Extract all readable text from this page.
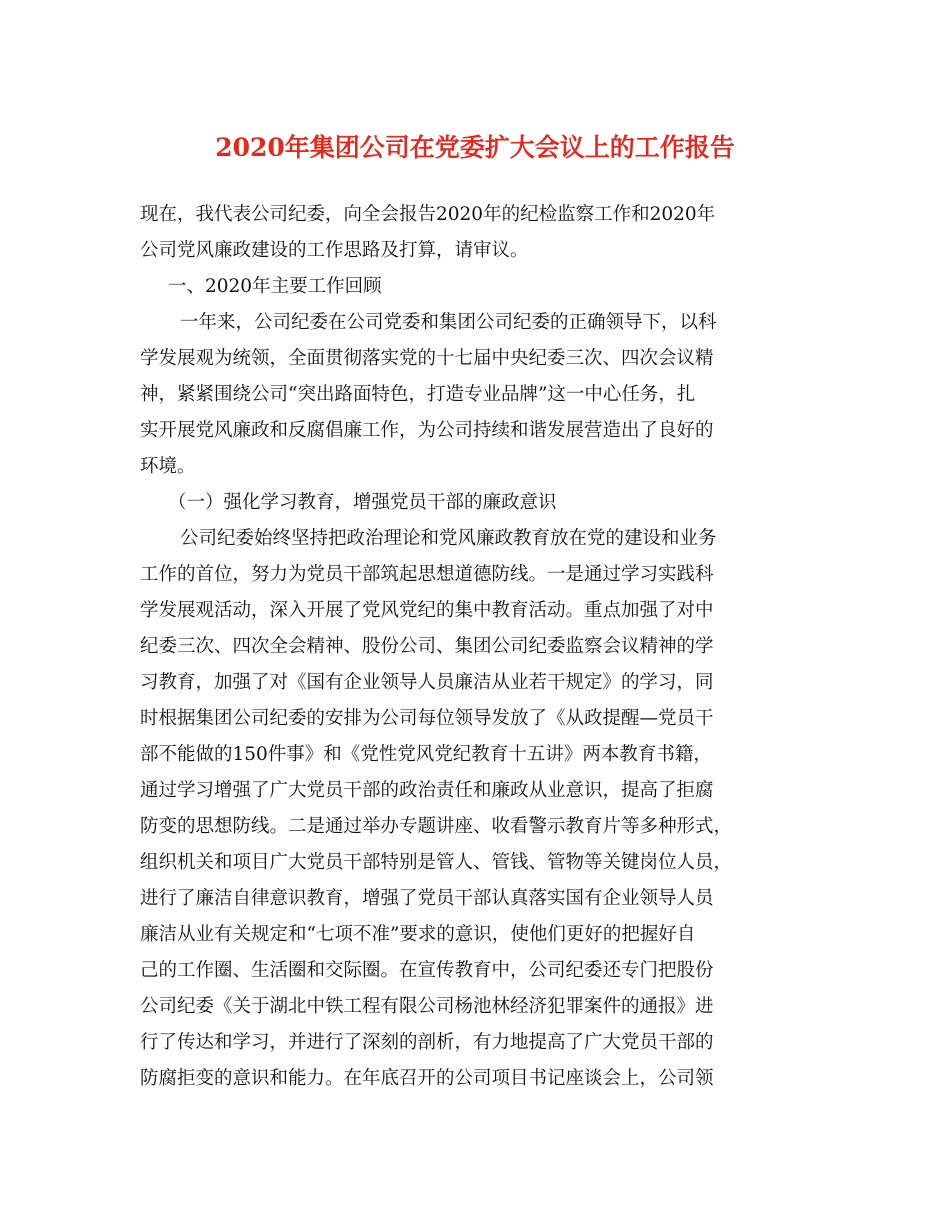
2020年集团公司在党委扩大会议上的工作报告

现在，我代表公司纪委，向全会报告2020年的纪检监察工作和2020年

公司党风廉政建设的工作思路及打算，请审议。

一、2020年主要工作回顾

一年来，公司纪委在公司党委和集团公司纪委的正确领导下，以科

学发展观为统领，全面贯彻落实党的十七届中央纪委三次、四次会议精

神，紧紧围绕公司“突出路面特色，打造专业品牌”这一中心任务，扎

实开展党风廉政和反腐倡廉工作，为公司持续和谐发展营造出了良好的

环境。

（一）强化学习教育，增强党员干部的廉政意识

公司纪委始终坚持把政治理论和党风廉政教育放在党的建设和业务

工作的首位，努力为党员干部筑起思想道德防线。一是通过学习实践科

学发展观活动，深入开展了党风党纪的集中教育活动。重点加强了对中

纪委三次、四次全会精神、股份公司、集团公司纪委监察会议精神的学

习教育，加强了对《国有企业领导人员廉洁从业若干规定》的学习，同

时根据集团公司纪委的安排为公司每位领导发放了《从政提醒—党员干

部不能做的150件事》和《党性党风党纪教育十五讲》两本教育书籍，

通过学习增强了广大党员干部的政治责任和廉政从业意识，提高了拒腐

防变的思想防线。二是通过举办专题讲座、收看警示教育片等多种形式，

组织机关和项目广大党员干部特别是管人、管钱、管物等关键岗位人员，

进行了廉洁自律意识教育，增强了党员干部认真落实国有企业领导人员

廉洁从业有关规定和“七项不准”要求的意识，使他们更好的把握好自

己的工作圈、生活圈和交际圈。在宣传教育中，公司纪委还专门把股份

公司纪委《关于湖北中铁工程有限公司杨池林经济犯罪案件的通报》进

行了传达和学习，并进行了深刻的剖析，有力地提高了广大党员干部的

防腐拒变的意识和能力。在年底召开的公司项目书记座谈会上，公司领
